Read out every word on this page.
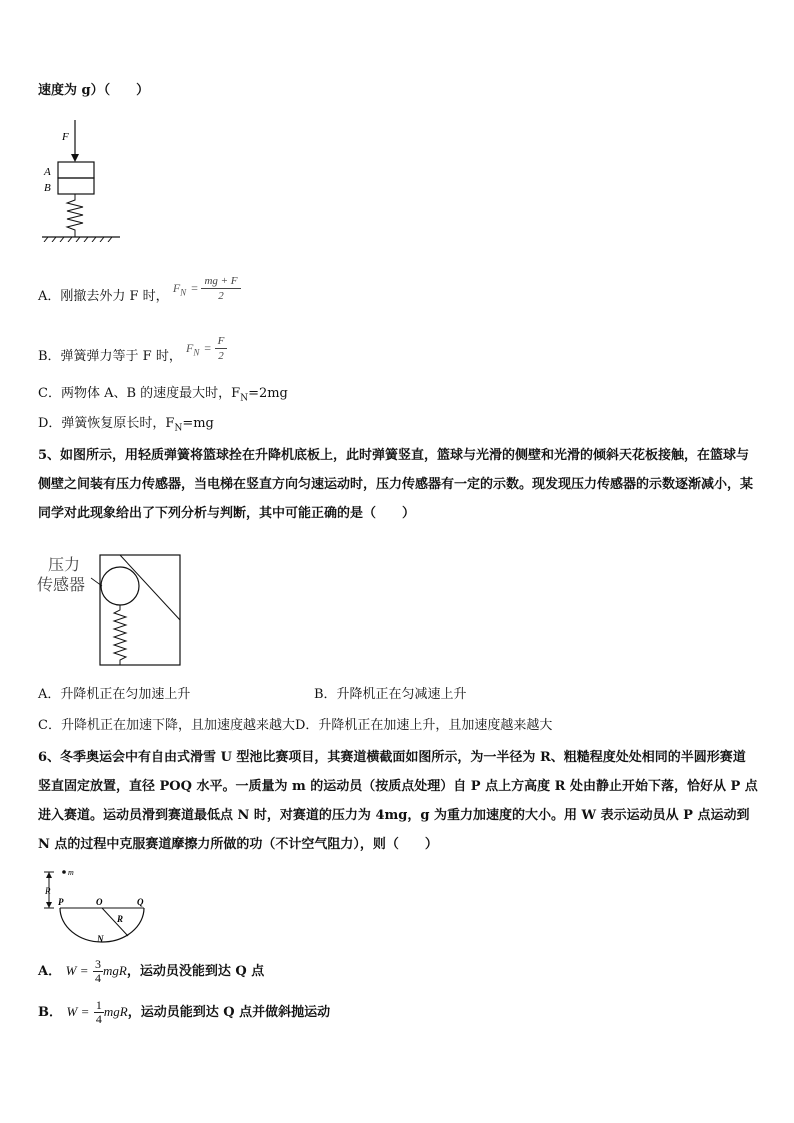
速度为 g）（　　）
F
A
B
A．刚撤去外力 F 时， $F_N = \frac{mg + F}{2}$
B．弹簧弹力等于 F 时， $F_N = \frac{F}{2}$
C．两物体 A、B 的速度最大时，$F_N=2mg$
D．弹簧恢复原长时，$F_N=mg$
5、如图所示，用轻质弹簧将篮球拴在升降机底板上，此时弹簧竖直，篮球与光滑的侧壁和光滑的倾斜天花板接触，在篮球与侧壁之间装有压力传感器，当电梯在竖直方向匀速运动时，压力传感器有一定的示数。现发现压力传感器的示数逐渐减小，某同学对此现象给出了下列分析与判断，其中可能正确的是（　　）
压力
传感器
A．升降机正在匀加速上升	B．升降机正在匀减速上升
C．升降机正在加速下降，且加速度越来越大D．升降机正在加速上升，且加速度越来越大
6、冬季奥运会中有自由式滑雪 U 型池比赛项目，其赛道横截面如图所示，为一半径为 R、粗糙程度处处相同的半圆形赛道竖直固定放置，直径 POQ 水平。一质量为 m 的运动员（按质点处理）自 P 点上方高度 R 处由静止开始下落，恰好从 P 点进入赛道。运动员滑到赛道最低点 N 时，对赛道的压力为 4mg，g 为重力加速度的大小。用 W 表示运动员从 P 点运动到 N 点的过程中克服赛道摩擦力所做的功（不计空气阻力），则（　　）
R
m
P	O	Q
R
N
A． $W = \frac{3}{4}$ mgR，运动员没能到达 Q 点
B． $W = \frac{1}{4}$ mgR，运动员能到达 Q 点并做斜抛运动
